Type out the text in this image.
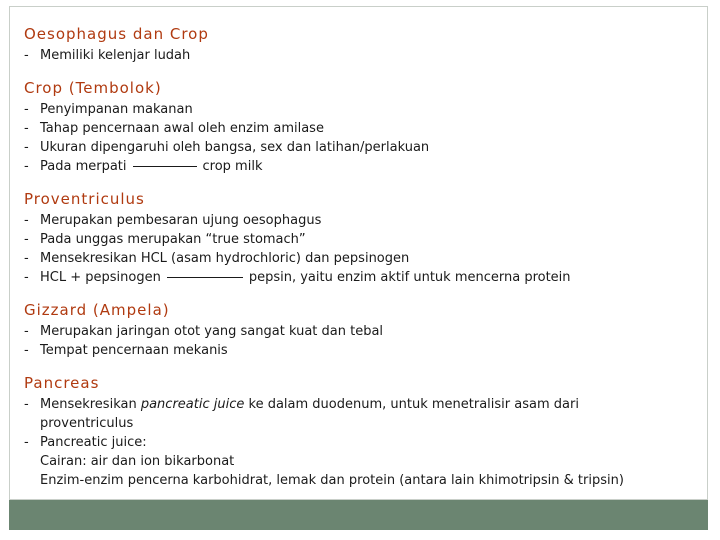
Oesophagus dan Crop

- Memiliki kelenjar ludah

Crop (Tembolok)

- Penyimpanan makanan

- Tahap pencernaan awal oleh enzim amilase

- Ukuran dipengaruhi oleh bangsa, sex dan latihan/perlakuan

- Pada merpati	crop milk

Proventriculus

- Merupakan pembesaran ujung oesophagus

- Pada unggas merupakan “true stomach”

- Mensekresikan HCL (asam hydrochloric) dan pepsinogen

- HCL + pepsinogen	pepsin, yaitu enzim aktif untuk mencerna protein

Gizzard (Ampela)

- Merupakan jaringan otot yang sangat kuat dan tebal

- Tempat pencernaan mekanis

Pancreas

- Mensekresikan pancreatic juice ke dalam duodenum, untuk menetralisir asam dari

proventriculus

- Pancreatic juice:

Cairan: air dan ion bikarbonat

Enzim-enzim pencerna karbohidrat, lemak dan protein (antara lain khimotripsin & tripsin)
